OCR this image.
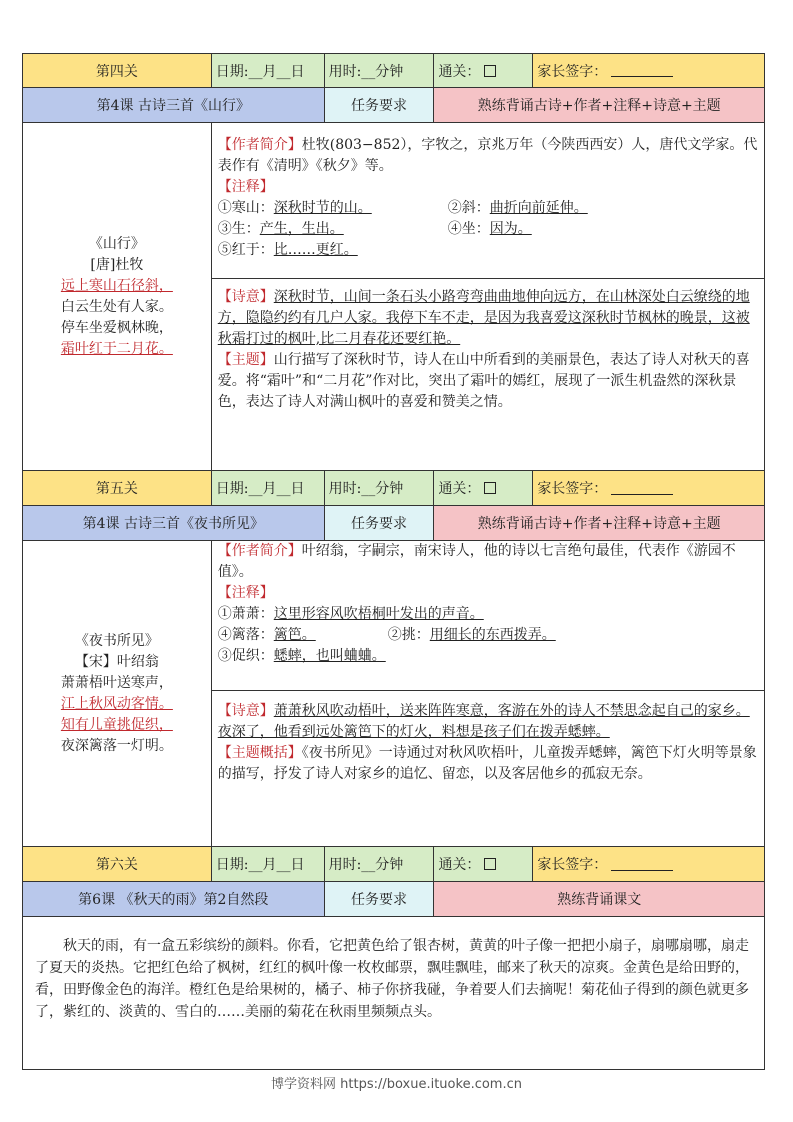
第四关	日期:__月__日	用时:__分钟	通关：	家长签字：
第4课 古诗三首《山行》	任务要求	熟练背诵古诗+作者+注释+诗意+主题
《山行》
[唐]杜牧
远上寒山石径斜，
白云生处有人家。
停车坐爱枫林晚，
霜叶红于二月花。
【作者简介】杜牧(803−852），字牧之，京兆万年（今陕西西安）人，唐代文学家。代表作有《清明》《秋夕》等。
【注释】
①寒山：深秋时节的山。	②斜：曲折向前延伸。
③生：产生，生出。	④坐：因为。
⑤红于：比……更红。
【诗意】深秋时节，山间一条石头小路弯弯曲曲地伸向远方，在山林深处白云缭绕的地方，隐隐约约有几户人家。我停下车不走，是因为我喜爱这深秋时节枫林的晚景，这被秋霜打过的枫叶,比二月春花还要红艳。
【主题】山行描写了深秋时节，诗人在山中所看到的美丽景色，表达了诗人对秋天的喜爱。将“霜叶”和“二月花”作对比，突出了霜叶的嫣红，展现了一派生机盎然的深秋景色，表达了诗人对满山枫叶的喜爱和赞美之情。
第五关	日期:__月__日	用时:__分钟	通关：	家长签字：
第4课 古诗三首《夜书所见》	任务要求	熟练背诵古诗+作者+注释+诗意+主题
《夜书所见》
【宋】叶绍翁
萧萧梧叶送寒声，
江上秋风动客情。
知有儿童挑促织，
夜深篱落一灯明。
【作者简介】叶绍翁，字嗣宗，南宋诗人，他的诗以七言绝句最佳，代表作《游园不值》。
【注释】
①萧萧：这里形容风吹梧桐叶发出的声音。
④篱落：篱笆。	②挑：用细长的东西拨弄。
③促织：蟋蟀，也叫蛐蛐。
【诗意】萧萧秋风吹动梧叶，送来阵阵寒意，客游在外的诗人不禁思念起自己的家乡。夜深了，他看到远处篱笆下的灯火，料想是孩子们在拨弄蟋蟀。
【主题概括】《夜书所见》一诗通过对秋风吹梧叶，儿童拨弄蟋蟀，篱笆下灯火明等景象的描写，抒发了诗人对家乡的追忆、留恋，以及客居他乡的孤寂无奈。
第六关	日期:__月__日	用时:__分钟	通关：	家长签字：
第6课 《秋天的雨》第2自然段	任务要求	熟练背诵课文
秋天的雨，有一盒五彩缤纷的颜料。你看，它把黄色给了银杏树，黄黄的叶子像一把把小扇子，扇哪扇哪，扇走了夏天的炎热。它把红色给了枫树，红红的枫叶像一枚枚邮票，飘哇飘哇，邮来了秋天的凉爽。金黄色是给田野的，看，田野像金色的海洋。橙红色是给果树的，橘子、柿子你挤我碰，争着要人们去摘呢！菊花仙子得到的颜色就更多了，紫红的、淡黄的、雪白的……美丽的菊花在秋雨里频频点头。
博学资料网 https://boxue.ituoke.com.cn
